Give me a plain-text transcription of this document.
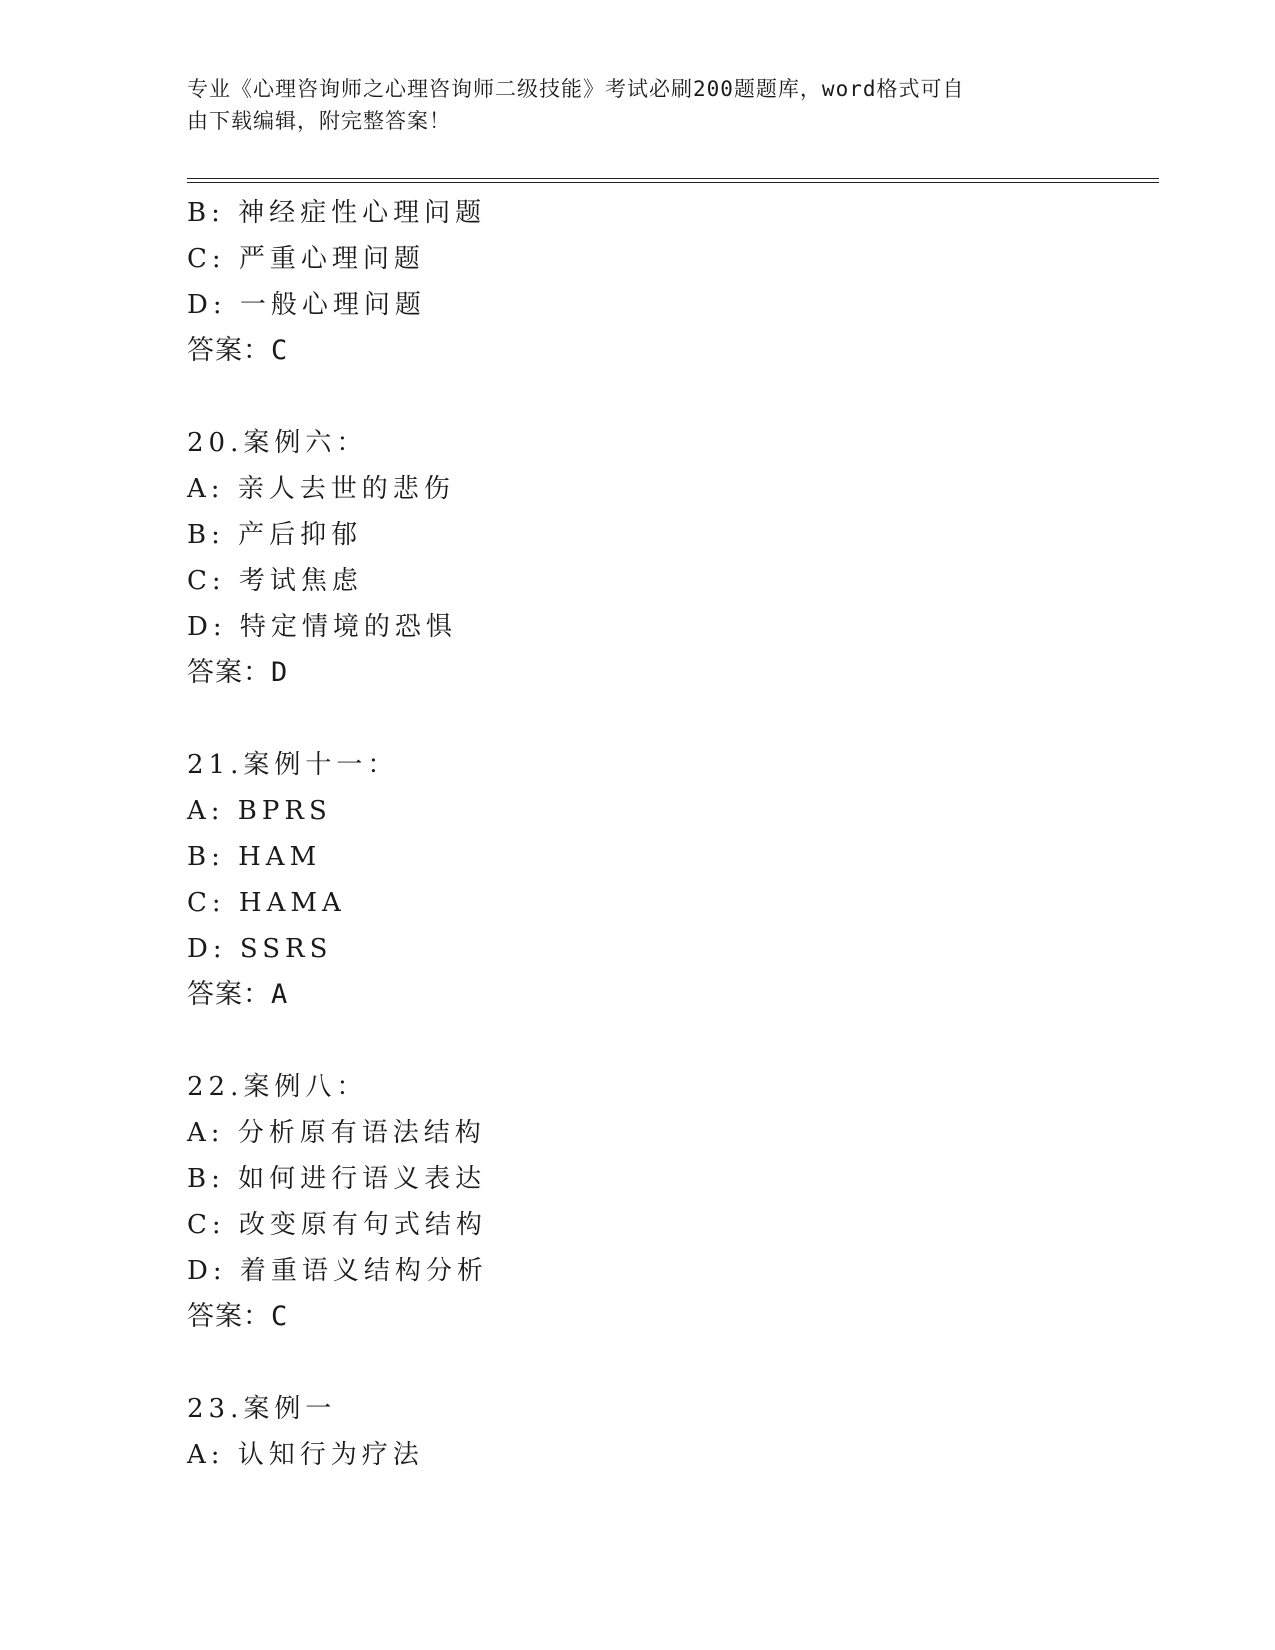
专业《心理咨询师之心理咨询师二级技能》考试必刷200题题库，word格式可自
由下载编辑，附完整答案！
B: 神经症性心理问题
C: 严重心理问题
D: 一般心理问题
答案：C
20.案例六：
A: 亲人去世的悲伤
B: 产后抑郁
C: 考试焦虑
D: 特定情境的恐惧
答案：D
21.案例十一：
A: BPRS
B: HAM
C: HAMA
D: SSRS
答案：A
22.案例八：
A: 分析原有语法结构
B: 如何进行语义表达
C: 改变原有句式结构
D: 着重语义结构分析
答案：C
23.案例一
A: 认知行为疗法
